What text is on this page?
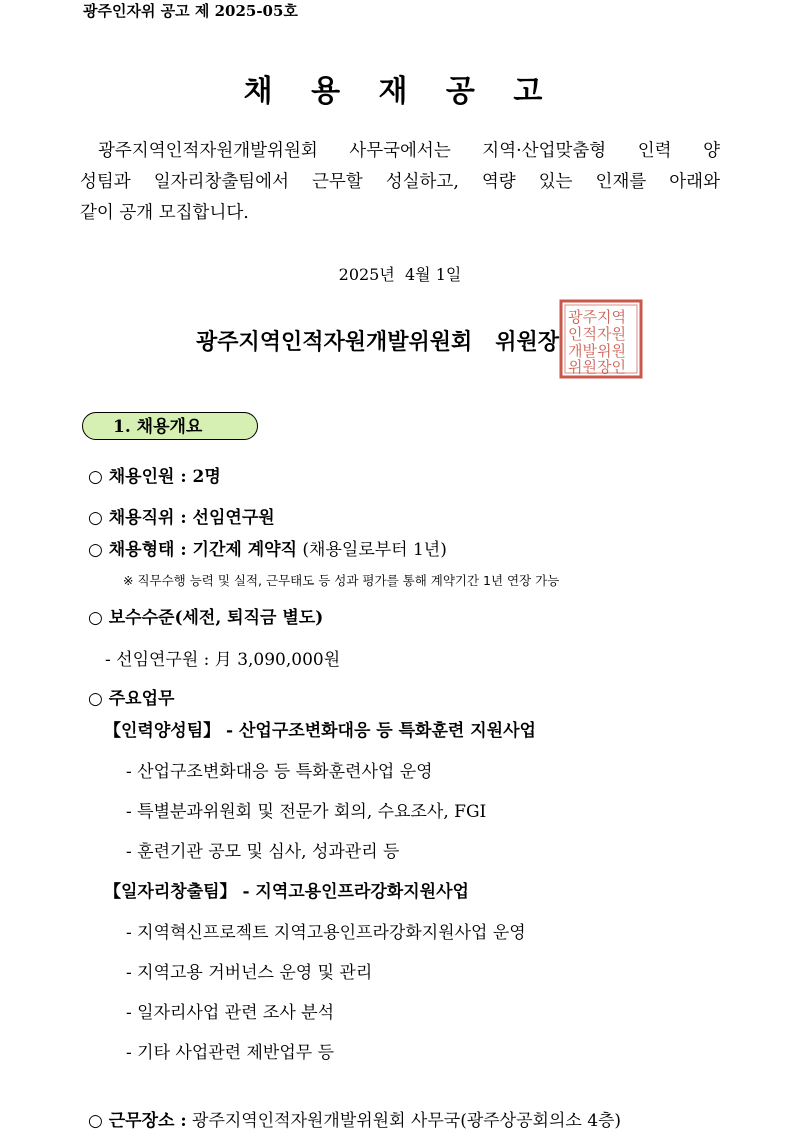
광주인자위 공고 제 2025-05호
채 용 재 공 고
광주지역인적자원개발위원회 사무국에서는 지역·산업맞춤형 인력 양
성팀과 일자리창출팀에서 근무할 성실하고, 역량 있는 인재를 아래와
같이 공개 모집합니다.
2025년  4월 1일
광주지역인적자원개발위원회   위원장
광주지역
인적자원
개발위원
위원장인
1. 채용개요
○ 채용인원 : 2명
○ 채용직위 : 선임연구원
○ 채용형태 : 기간제 계약직 (채용일로부터 1년)
※ 직무수행 능력 및 실적, 근무태도 등 성과 평가를 통해 계약기간 1년 연장 가능
○ 보수수준(세전, 퇴직금 별도)
- 선임연구원 : 月 3,090,000원
○ 주요업무
【인력양성팀】 - 산업구조변화대응 등 특화훈련 지원사업
- 산업구조변화대응 등 특화훈련사업 운영
- 특별분과위원회 및 전문가 회의, 수요조사, FGI
- 훈련기관 공모 및 심사, 성과관리 등
【일자리창출팀】 - 지역고용인프라강화지원사업
- 지역혁신프로젝트 지역고용인프라강화지원사업 운영
- 지역고용 거버넌스 운영 및 관리
- 일자리사업 관련 조사 분석
- 기타 사업관련 제반업무 등
○ 근무장소 : 광주지역인적자원개발위원회 사무국(광주상공회의소 4층)
